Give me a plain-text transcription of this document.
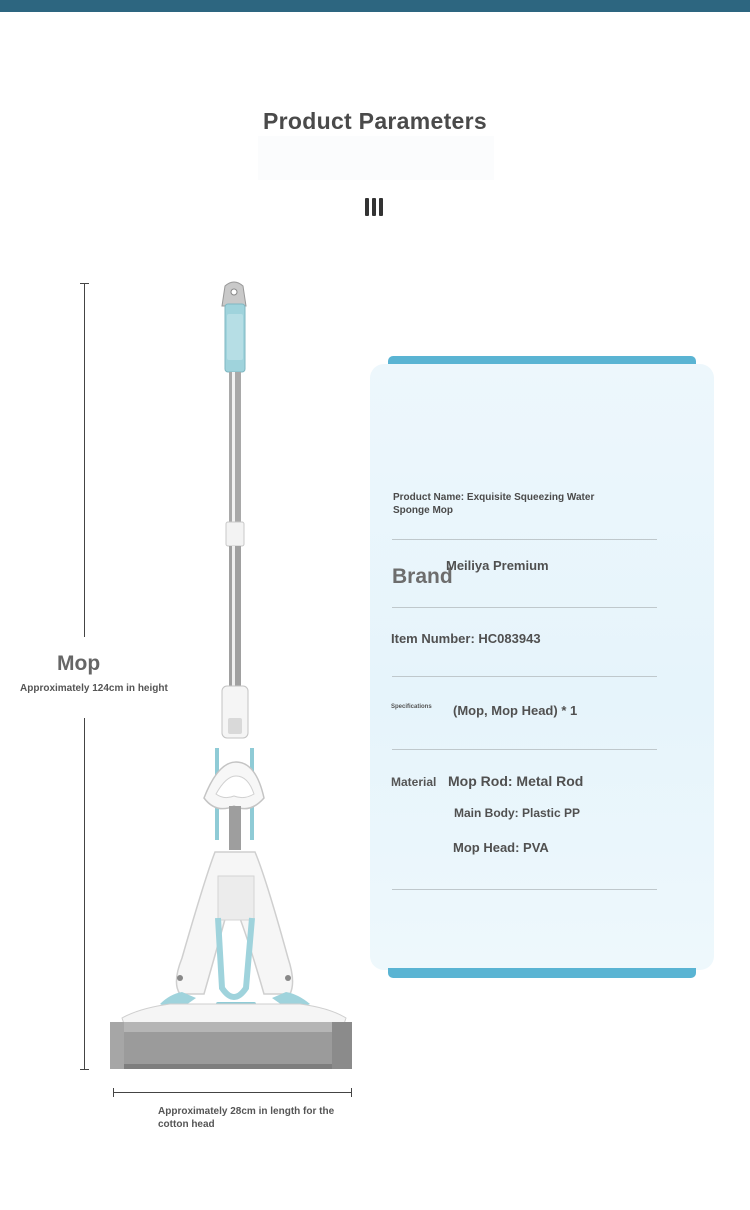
Product Parameters
Mop
Approximately 124cm in height
Approximately 28cm in length for the cotton head
Product Name: Exquisite Squeezing Water Sponge Mop
Brand
Meiliya Premium
Item Number: HC083943
Specifications (Mop, Mop Head) * 1
Material Mop Rod: Metal Rod
Main Body: Plastic PP
Mop Head: PVA
